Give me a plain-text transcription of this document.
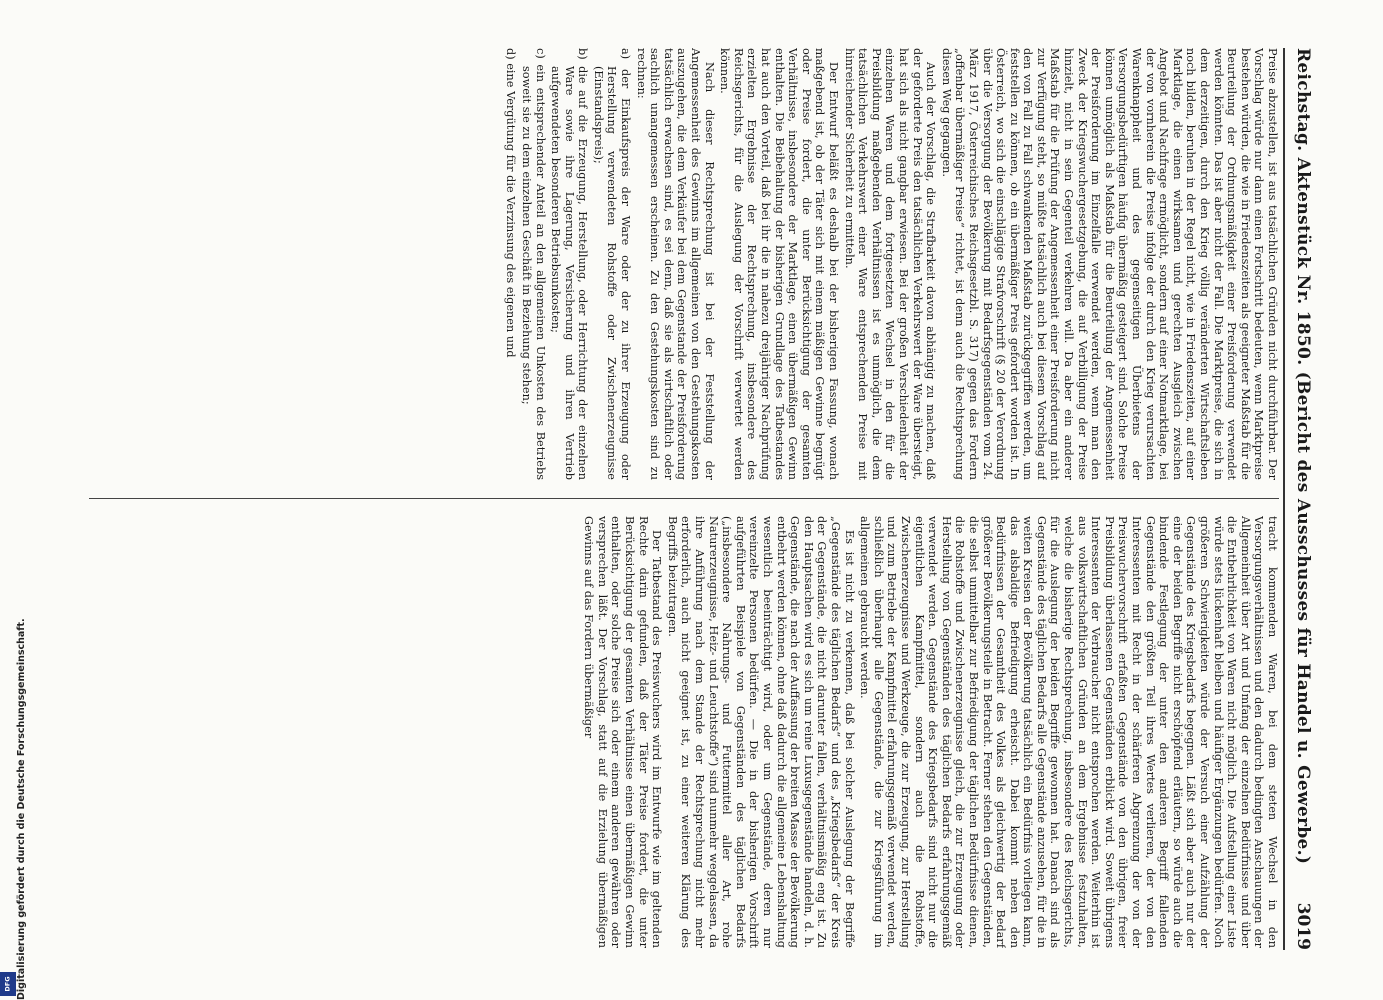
Reichstag. Aktenstück Nr. 1850. (Bericht des Ausschusses für Handel u. Gewerbe.)
3019

Preise abzustellen, ist aus tatsächlichen Gründen nicht durchführbar. Der Vorschlag würde nur dann einen Fortschritt bedeuten, wenn Marktpreise bestehen würden, die wie in Friedenszeiten als geeigneter Maßstab für die Beurteilung der Ordnungsmäßigkeit einer Preisforderung verwendet werden könnten. Das ist aber nicht der Fall. Die Marktpreise, die sich in dem derzeitigen, durch den Krieg völlig veränderten Wirtschaftsleben noch bilden, beruhen in der Regel nicht, wie in Friedenszeiten, auf einer Marktlage, die einen wirksamen und gerechten Ausgleich zwischen Angebot und Nachfrage ermöglicht, sondern auf einer Notmarktlage, bei der von vornherein die Preise infolge der durch den Krieg verursachten Warenknappheit und des gegenseitigen Überbietens der Versorgungsbedürftigen häufig übermäßig gesteigert sind. Solche Preise können unmöglich als Maßstab für die Beurteilung der Angemessenheit der Preisforderung im Einzelfalle verwendet werden, wenn man den Zweck der Kriegswuchergesetzgebung, die auf Verbilligung der Preise hinzielt, nicht in sein Gegenteil verkehren will. Da aber ein anderer Maßstab für die Prüfung der Angemessenheit einer Preisforderung nicht zur Verfügung steht, so müßte tatsächlich auch bei diesem Vorschlag auf den von Fall zu Fall schwankenden Maßstab zurückgegriffen werden, um feststellen zu können, ob ein übermäßiger Preis gefordert worden ist. In Österreich, wo sich die einschlägige Strafvorschrift (§ 20 der Verordnung über die Versorgung der Bevölkerung mit Bedarfsgegenständen vom 24. März 1917, Österreichisches Reichsgesetzbl. S. 317) gegen das Fordern „offenbar übermäßiger Preise“ richtet, ist denn auch die Rechtsprechung diesen Weg gegangen.

Auch der Vorschlag, die Strafbarkeit davon abhängig zu machen, daß der geforderte Preis den tatsächlichen Verkehrswert der Ware übersteigt, hat sich als nicht gangbar erwiesen. Bei der großen Verschiedenheit der einzelnen Waren und dem fortgesetzten Wechsel in den für die Preisbildung maßgebenden Verhältnissen ist es unmöglich, die dem tatsächlichen Verkehrswert einer Ware entsprechenden Preise mit hinreichender Sicherheit zu ermitteln.

Der Entwurf beläßt es deshalb bei der bisherigen Fassung, wonach maßgebend ist, ob der Täter sich mit einem mäßigen Gewinne begnügt oder Preise fordert, die unter Berücksichtigung der gesamten Verhältnisse, insbesondere der Marktlage, einen übermäßigen Gewinn enthalten. Die Beibehaltung der bisherigen Grundlage des Tatbestandes hat auch den Vorteil, daß bei ihr die in nahezu dreijähriger Nachprüfung erzielten Ergebnisse der Rechtsprechung, insbesondere des Reichsgerichts, für die Auslegung der Vorschrift verwertet werden können.

Nach dieser Rechtsprechung ist bei der Feststellung der Angemessenheit des Gewinns im allgemeinen von den Gestehungskosten auszugehen, die dem Verkäufer bei dem Gegenstande der Preisforderung tatsächlich erwachsen sind, es sei denn, daß sie als wirtschaftlich oder sachlich unangemessen erscheinen. Zu den Gestehungskosten sind zu rechnen:

a) der Einkaufspreis der Ware oder der zu ihrer Erzeugung oder Herstellung verwendeten Rohstoffe oder Zwischenerzeugnisse (Einstandspreis);

b) die auf die Erzeugung, Herstellung, oder Herrichtung der einzelnen Ware sowie ihre Lagerung, Versicherung und ihren Vertrieb aufgewendeten besonderen Betriebsunkosten;

c) ein entsprechender Anteil an den allgemeinen Unkosten des Betriebs soweit sie zu dem einzelnen Geschäft in Beziehung stehen;

d) eine Vergütung für die Verzinsung des eigenen und

tracht kommenden Waren, bei dem steten Wechsel in den Versorgungsverhältnissen und den dadurch bedingten Anschauungen der Allgemeinheit über Art und Umfang der einzelnen Bedürfnisse und über die Entbehrlichkeit von Waren nicht möglich. Die Aufstellung einer Liste würde stets lückenhaft bleiben und häufiger Ergänzungen bedürfen. Noch größeren Schwierigkeiten würde der Versuch einer Aufzählung der Gegenstände des Kriegsbedarfs begegnen. Läßt sich aber auch nur der eine der beiden Begriffe nicht erschöpfend erläutern, so würde auch die bindende Festlegung der unter den anderen Begriff fallenden Gegenstände den größten Teil ihres Wertes verlieren, der von den Interessenten mit Recht in der schärferen Abgrenzung der von der Preiswuchervorschrift erfaßten Gegenstände von den übrigen, freier Preisbildung überlassenen Gegenständen erblickt wird. Soweit übrigens Interessenten der Verbraucher nicht entsprochen werden. Weiterhin ist aus volkswirtschaftlichen Gründen an dem Ergebnisse festzuhalten, welche die bisherige Rechtsprechung, insbesondere des Reichsgerichts, für die Auslegung der beiden Begriffe gewonnen hat. Danach sind als Gegenstände des täglichen Bedarfs alle Gegenstände anzusehen, für die in weiten Kreisen der Bevölkerung tatsächlich ein Bedürfnis vorliegen kann, das alsbaldige Befriedigung erheischt. Dabei kommt neben den Bedürfnissen der Gesamtheit des Volkes als gleichwertig der Bedarf größerer Bevölkerungsteile in Betracht. Ferner stehen den Gegenständen, die selbst unmittelbar zur Befriedigung der täglichen Bedürfnisse dienen, die Rohstoffe und Zwischenerzeugnisse gleich, die zur Erzeugung oder Herstellung von Gegenständen des täglichen Bedarfs erfahrungsgemäß verwendet werden. Gegenstände des Kriegsbedarfs sind nicht nur die eigentlichen Kampfmittel, sondern auch die Rohstoffe, Zwischenerzeugnisse und Werkzeuge, die zur Erzeugung, zur Herstellung und zum Betriebe der Kampfmittel erfahrungsgemäß verwendet werden, schließlich überhaupt alle Gegenstände, die zur Kriegsführung im allgemeinen gebraucht werden.

Es ist nicht zu verkennen, daß bei solcher Auslegung der Begriffe „Gegenstände des täglichen Bedarfs“ und des „Kriegsbedarfs“ der Kreis der Gegenstände, die nicht darunter fallen, verhältnismäßig eng ist. Zu den Hauptsachen wird es sich um reine Luxusgegenstände handeln, d. h. Gegenstände, die nach der Auffassung der breiten Masse der Bevölkerung entbehrt werden können, ohne daß dadurch die allgemeine Lebenshaltung wesentlich beeinträchtigt wird, oder um Gegenstände, deren nur vereinzelte Personen bedürfen. — Die in der bisherigen Vorschrift aufgeführten Beispiele von Gegenständen des täglichen Bedarfs („insbesondere Nahrungs- und Futtermittel aller Art, rohe Naturerzeugnisse, Heiz- und Leuchtstoffe“) sind nunmehr weggelassen, da ihre Anführung nach dem Stande der Rechtsprechung nicht mehr erforderlich, auch nicht geeignet ist, zu einer weiteren Klärung des Begriffs beizutragen.

Der Tatbestand des Preiswuchers wird im Entwurfe wie im geltenden Rechte darin gefunden, daß der Täter Preise fordert, die unter Berücksichtigung der gesamten Verhältnisse einen übermäßigen Gewinn enthalten, oder solche Preise sich oder einem anderen gewähren oder versprechen läßt. Der Vorschlag, statt auf die Erzielung übermäßigen Gewinns auf das Fordern übermäßiger

Digitalisierung gefördert durch die Deutsche Forschungsgemeinschaft.
DFG
